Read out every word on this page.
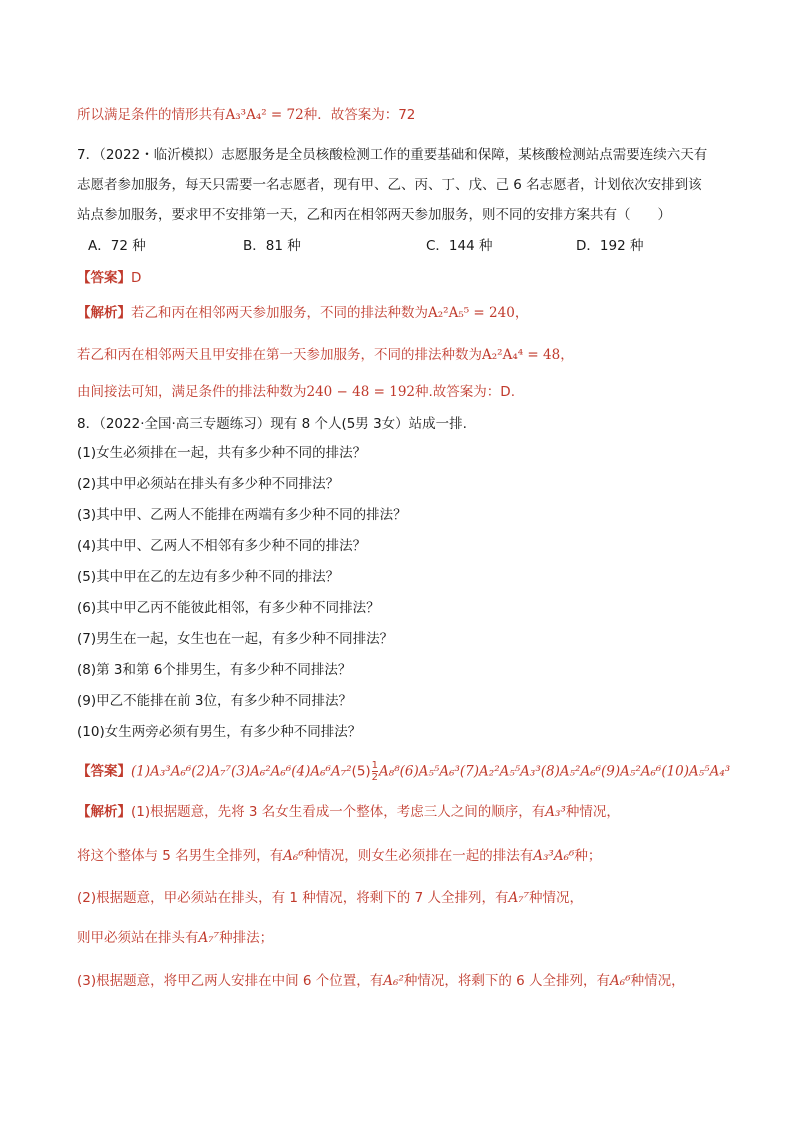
所以满足条件的情形共有A₃³A₄² = 72种．故答案为：72
7．（2022・临沂模拟）志愿服务是全员核酸检测工作的重要基础和保障，某核酸检测站点需要连续六天有
志愿者参加服务，每天只需要一名志愿者，现有甲、乙、丙、丁、戊、己 6 名志愿者，计划依次安排到该
站点参加服务，要求甲不安排第一天，乙和丙在相邻两天参加服务，则不同的安排方案共有（　　）
A．72 种	B．81 种	C．144 种	D．192 种
【答案】D
【解析】若乙和丙在相邻两天参加服务，不同的排法种数为A₂²A₅⁵ = 240，
若乙和丙在相邻两天且甲安排在第一天参加服务，不同的排法种数为A₂²A₄⁴ = 48，
由间接法可知，满足条件的排法种数为240 − 48 = 192种.故答案为：D.
8．（2022·全国·高三专题练习）现有 8 个人(5男 3女）站成一排.
(1)女生必须排在一起，共有多少种不同的排法？
(2)其中甲必须站在排头有多少种不同排法？
(3)其中甲、乙两人不能排在两端有多少种不同的排法？
(4)其中甲、乙两人不相邻有多少种不同的排法？
(5)其中甲在乙的左边有多少种不同的排法？
(6)其中甲乙丙不能彼此相邻，有多少种不同排法？
(7)男生在一起，女生也在一起，有多少种不同排法？
(8)第 3和第 6个排男生，有多少种不同排法？
(9)甲乙不能排在前 3位，有多少种不同排法？
(10)女生两旁必须有男生，有多少种不同排法？
【答案】$(1)A_3^3A_6^6(2)A_7^7(3)A_6^2A_6^6(4)A_6^6A_7^2(5) \frac{1}{2} A_8^8(6)A_5^5A_6^3(7)A_2^2A_5^5A_3^3(8)A_5^2A_6^6(9)A_5^2A_6^6(10)A_5^5A_4^3$
【解析】(1)根据题意，先将 3 名女生看成一个整体，考虑三人之间的顺序，有A₃³种情况，
将这个整体与 5 名男生全排列，有A₆⁶种情况，则女生必须排在一起的排法有A₃³A₆⁶种；
(2)根据题意，甲必须站在排头，有 1 种情况，将剩下的 7 人全排列，有A₇⁷种情况，
则甲必须站在排头有A₇⁷种排法；
(3)根据题意，将甲乙两人安排在中间 6 个位置，有A₆²种情况，将剩下的 6 人全排列，有A₆⁶种情况，
